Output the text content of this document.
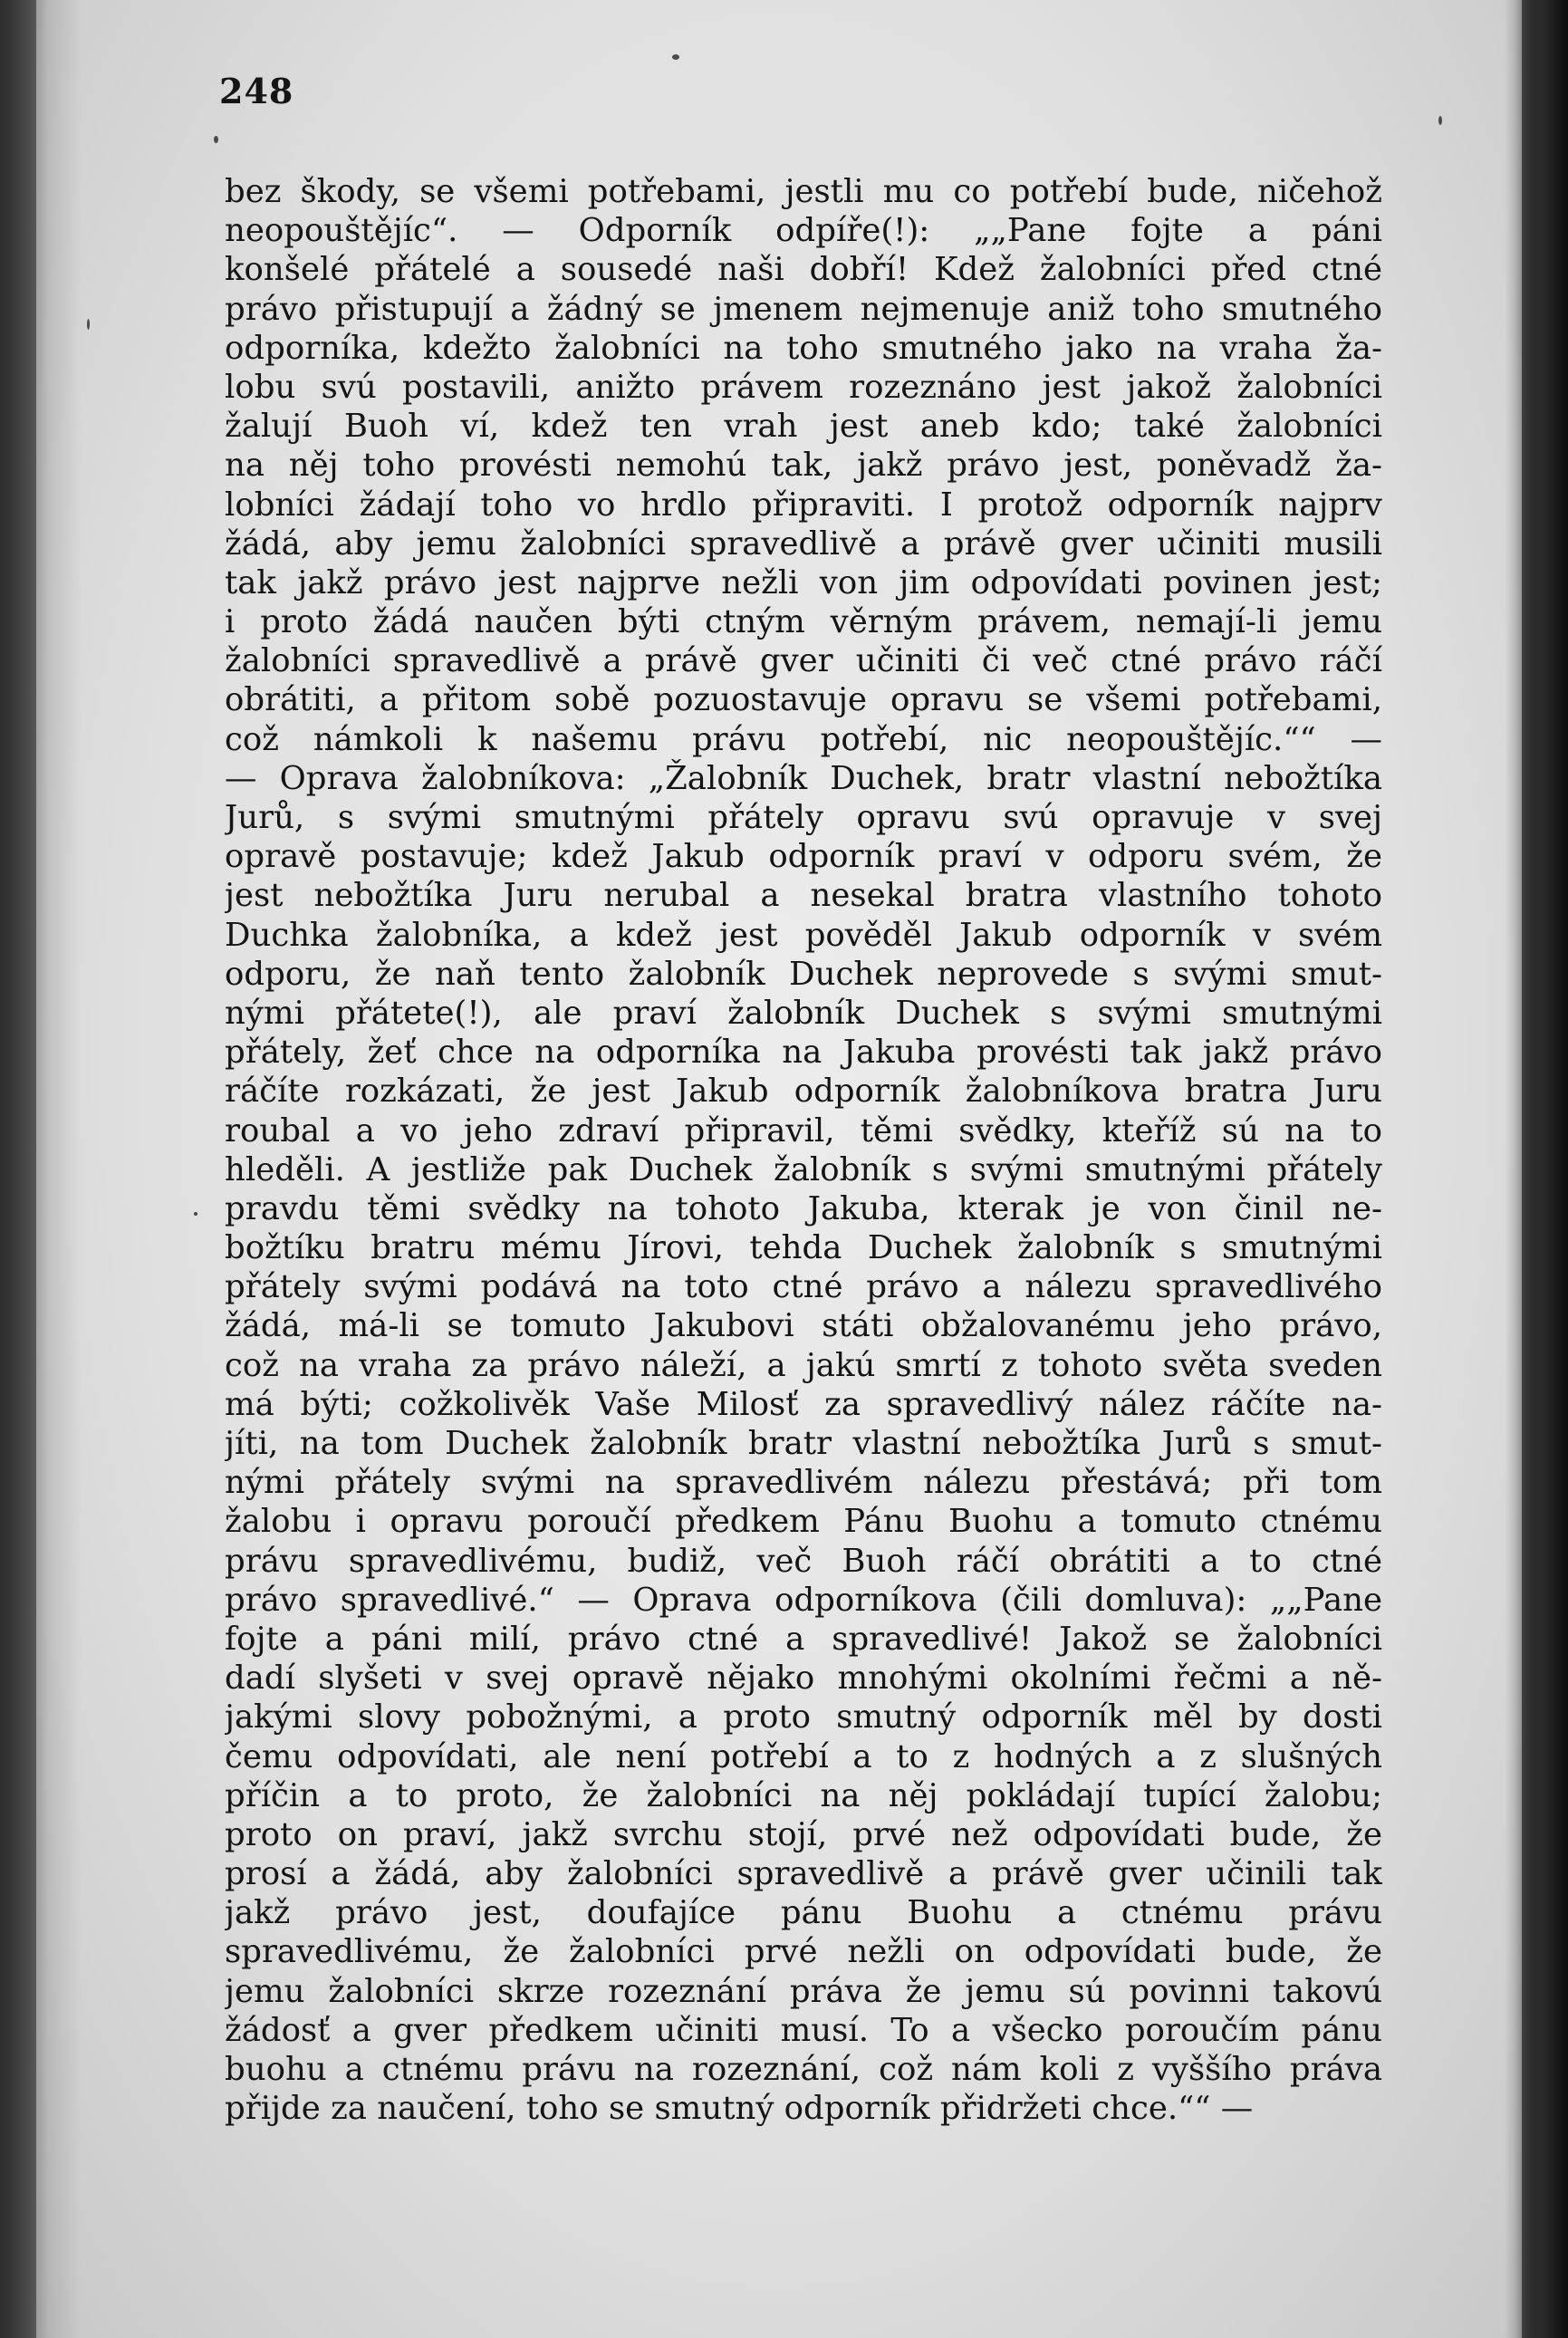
248
bez škody, se všemi potřebami, jestli mu co potřebí bude, ničehož
neopouštějíc“. — Odporník odpíře(!): „„Pane fojte a páni
konšelé přátelé a sousedé naši dobří! Kdež žalobníci před ctné
právo přistupují a žádný se jmenem nejmenuje aniž toho smutného
odporníka, kdežto žalobníci na toho smutného jako na vraha ža-
lobu svú postavili, anižto právem rozeznáno jest jakož žalobníci
žalují Buoh ví, kdež ten vrah jest aneb kdo; také žalobníci
na něj toho provésti nemohú tak, jakž právo jest, poněvadž ža-
lobníci žádají toho vo hrdlo připraviti. I protož odporník najprv
žádá, aby jemu žalobníci spravedlivě a právě gver učiniti musili
tak jakž právo jest najprve nežli von jim odpovídati povinen jest;
i proto žádá naučen býti ctným věrným právem, nemají-li jemu
žalobníci spravedlivě a právě gver učiniti či več ctné právo ráčí
obrátiti, a přitom sobě pozuostavuje opravu se všemi potřebami,
což námkoli k našemu právu potřebí, nic neopouštějíc.““ —
— Oprava žalobníkova: „Žalobník Duchek, bratr vlastní nebožtíka
Jurů, s svými smutnými přátely opravu svú opravuje v svej
opravě postavuje; kdež Jakub odporník praví v odporu svém, že
jest nebožtíka Juru nerubal a nesekal bratra vlastního tohoto
Duchka žalobníka, a kdež jest pověděl Jakub odporník v svém
odporu, že naň tento žalobník Duchek neprovede s svými smut-
nými přátete(!), ale praví žalobník Duchek s svými smutnými
přátely, žeť chce na odporníka na Jakuba provésti tak jakž právo
ráčíte rozkázati, že jest Jakub odporník žalobníkova bratra Juru
roubal a vo jeho zdraví připravil, těmi svědky, kteříž sú na to
hleděli. A jestliže pak Duchek žalobník s svými smutnými přátely
pravdu těmi svědky na tohoto Jakuba, kterak je von činil ne-
božtíku bratru mému Jírovi, tehda Duchek žalobník s smutnými
přátely svými podává na toto ctné právo a nálezu spravedlivého
žádá, má-li se tomuto Jakubovi státi obžalovanému jeho právo,
což na vraha za právo náleží, a jakú smrtí z tohoto světa sveden
má býti; cožkolivěk Vaše Milosť za spravedlivý nález ráčíte na-
jíti, na tom Duchek žalobník bratr vlastní nebožtíka Jurů s smut-
nými přátely svými na spravedlivém nálezu přestává; při tom
žalobu i opravu poroučí předkem Pánu Buohu a tomuto ctnému
právu spravedlivému, budiž, več Buoh ráčí obrátiti a to ctné
právo spravedlivé.“ — Oprava odporníkova (čili domluva): „„Pane
fojte a páni milí, právo ctné a spravedlivé! Jakož se žalobníci
dadí slyšeti v svej opravě nějako mnohými okolními řečmi a ně-
jakými slovy pobožnými, a proto smutný odporník měl by dosti
čemu odpovídati, ale není potřebí a to z hodných a z slušných
příčin a to proto, že žalobníci na něj pokládají tupící žalobu;
proto on praví, jakž svrchu stojí, prvé než odpovídati bude, že
prosí a žádá, aby žalobníci spravedlivě a právě gver učinili tak
jakž právo jest, doufajíce pánu Buohu a ctnému právu
spravedlivému, že žalobníci prvé nežli on odpovídati bude, že
jemu žalobníci skrze rozeznání práva že jemu sú povinni takovú
žádosť a gver předkem učiniti musí. To a všecko poroučím pánu
buohu a ctnému právu na rozeznání, což nám koli z vyššího práva
přijde za naučení, toho se smutný odporník přidržeti chce.““ —
